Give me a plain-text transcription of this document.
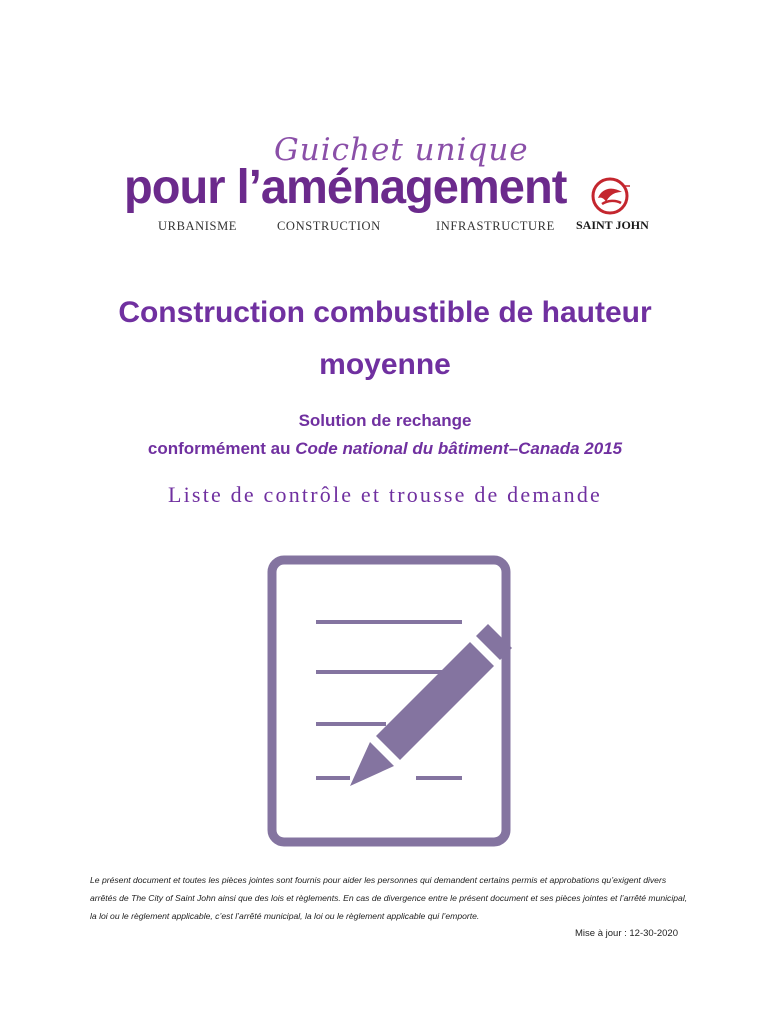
Guichet unique
pour l’aménagement
URBANISME	CONSTRUCTION	INFRASTRUCTURE SAINT JOHN
Construction combustible de hauteur
moyenne
Solution de rechange
conformément au Code national du bâtiment–Canada 2015
Liste de contrôle et trousse de demande
Le présent document et toutes les pièces jointes sont fournis pour aider les personnes qui demandent certains permis et approbations qu’exigent divers arrêtés de The City of Saint John ainsi que des lois et règlements. En cas de divergence entre le présent document et ses pièces jointes et l’arrêté municipal, la loi ou le règlement applicable, c’est l’arrêté municipal, la loi ou le règlement applicable qui l’emporte.
Mise à jour : 12-30-2020
